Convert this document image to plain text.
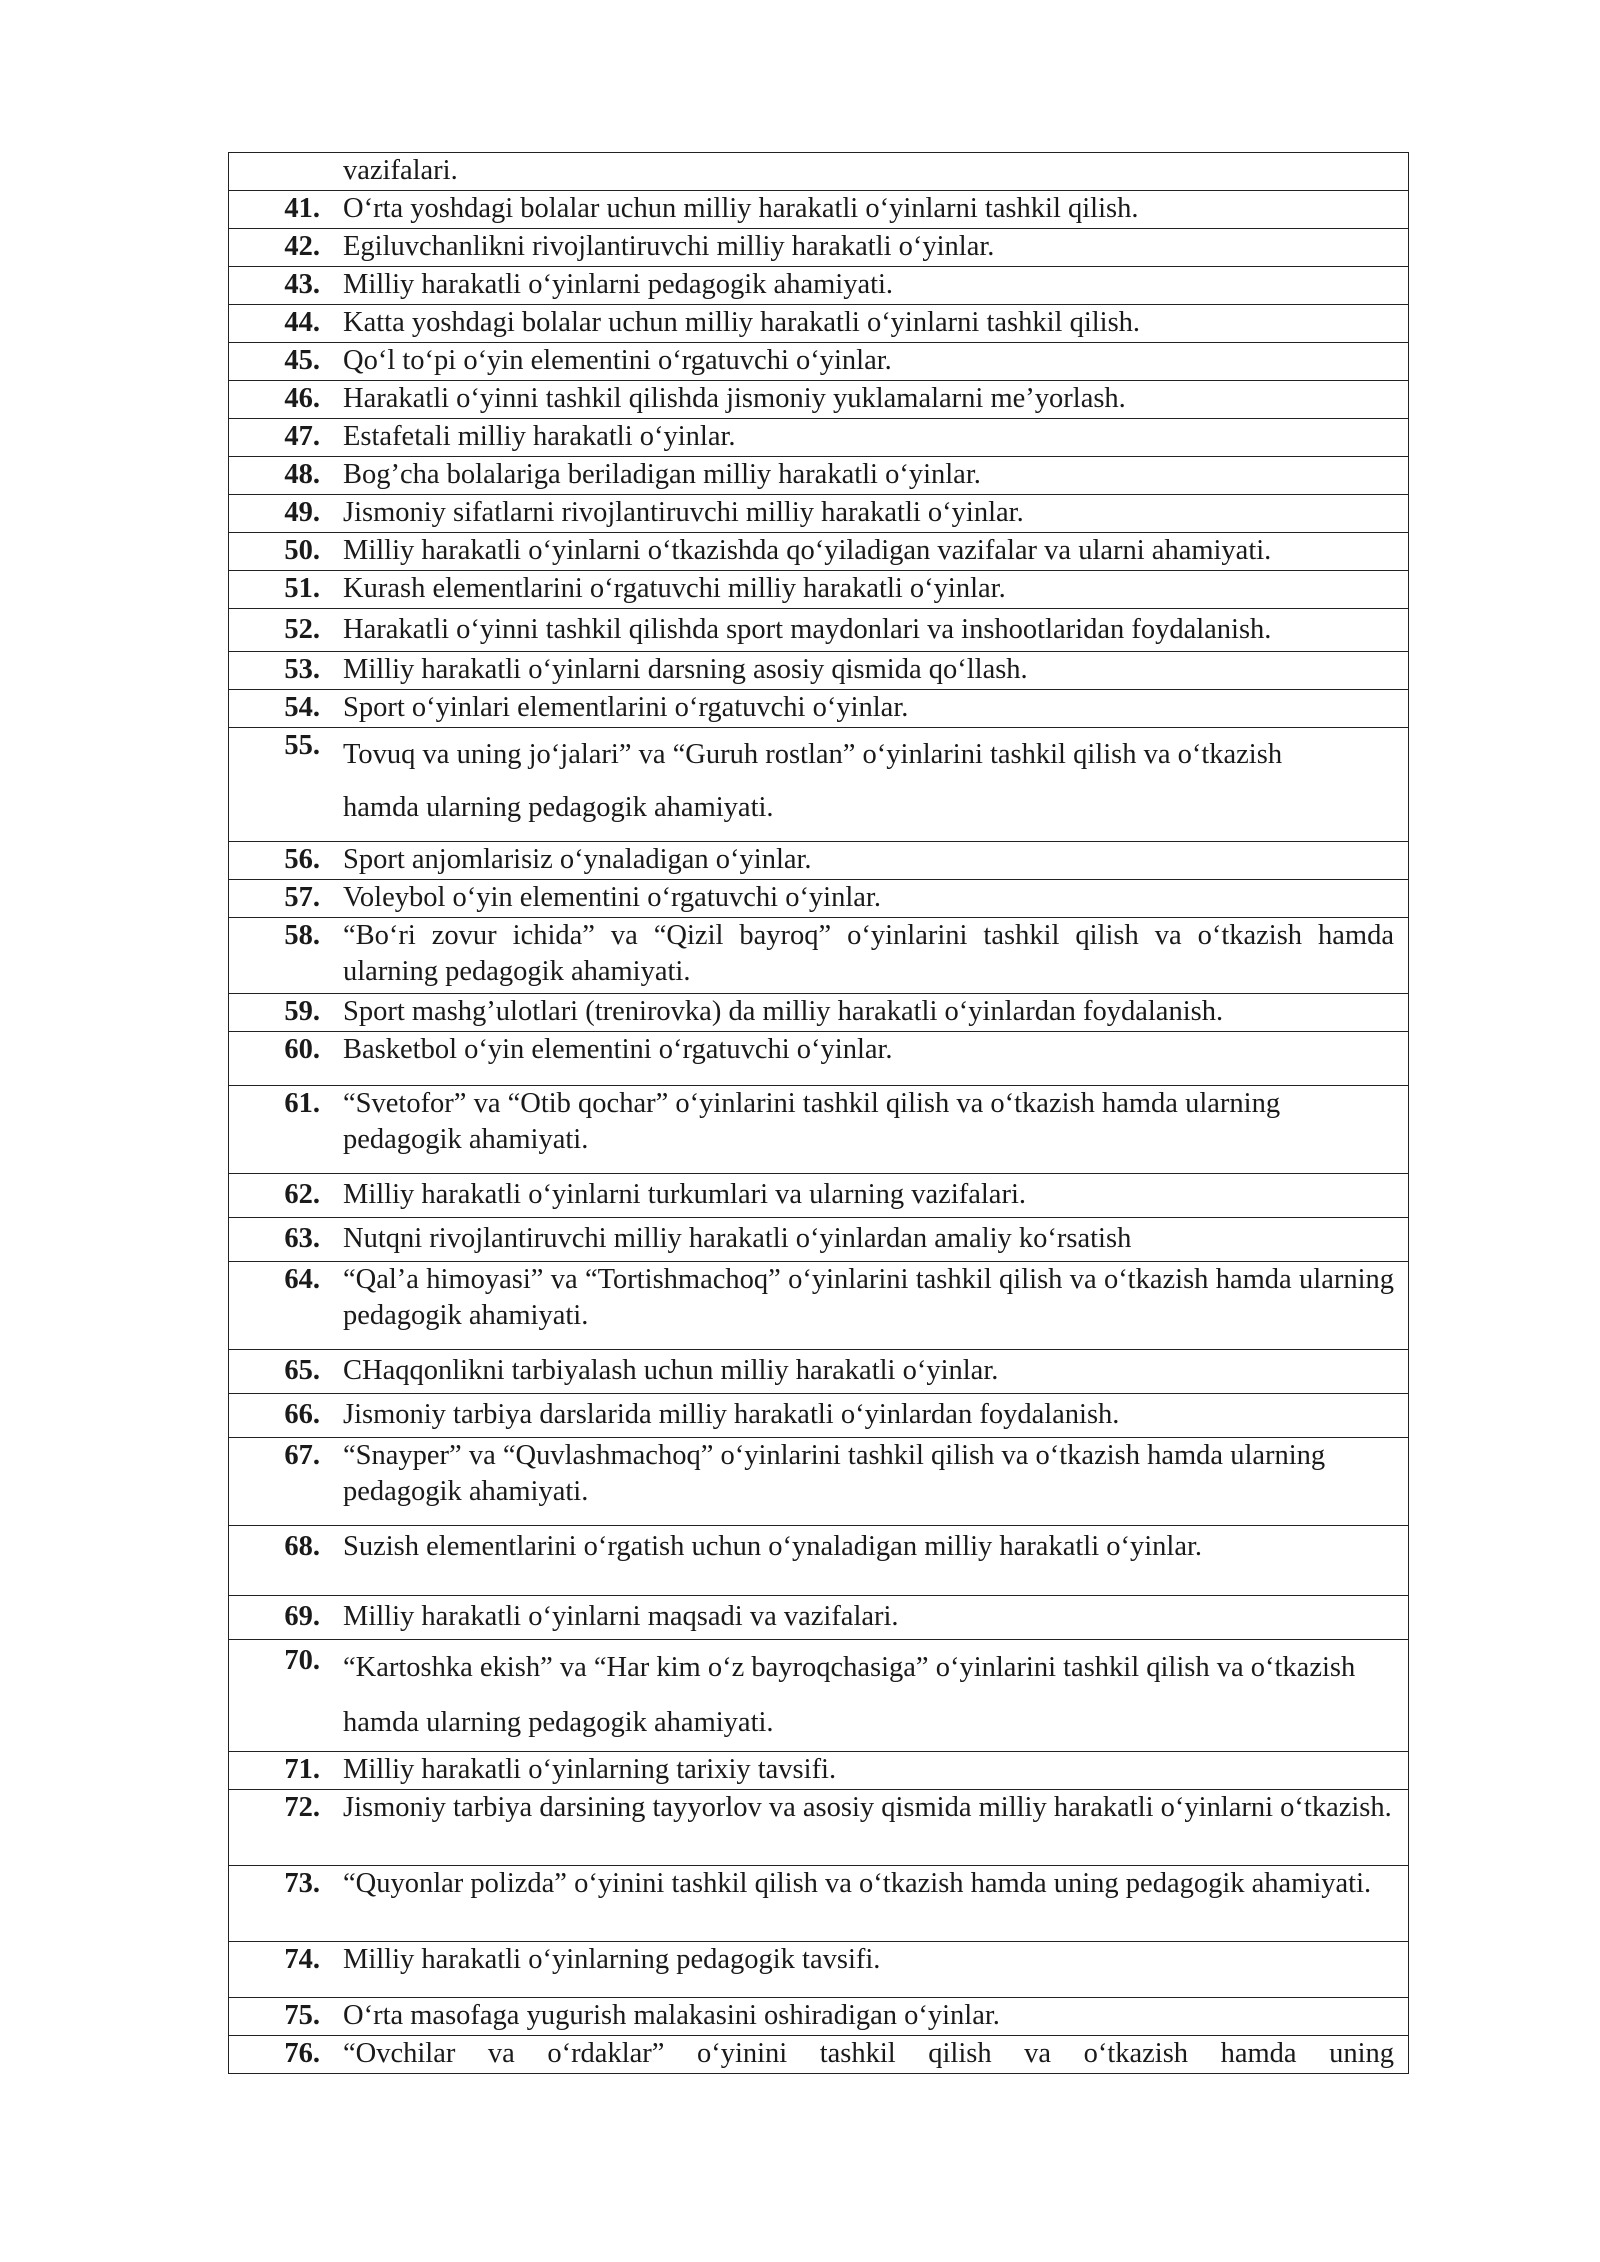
	vazifalari.
41.	O‘rta yoshdagi bolalar uchun milliy harakatli o‘yinlarni tashkil qilish.
42.	Egiluvchanlikni rivojlantiruvchi milliy harakatli o‘yinlar.
43.	Milliy harakatli o‘yinlarni pedagogik ahamiyati.
44.	Katta yoshdagi bolalar uchun milliy harakatli o‘yinlarni tashkil qilish.
45.	Qo‘l to‘pi o‘yin elementini o‘rgatuvchi o‘yinlar.
46.	Harakatli o‘yinni tashkil qilishda jismoniy yuklamalarni me’yorlash.
47.	Estafetali milliy harakatli o‘yinlar.
48.	Bog’cha bolalariga beriladigan milliy harakatli o‘yinlar.
49.	Jismoniy sifatlarni rivojlantiruvchi milliy harakatli o‘yinlar.
50.	Milliy harakatli o‘yinlarni o‘tkazishda qo‘yiladigan vazifalar va ularni ahamiyati.
51.	Kurash elementlarini o‘rgatuvchi milliy harakatli o‘yinlar.
52.	Harakatli o‘yinni tashkil qilishda sport maydonlari va inshootlaridan foydalanish.
53.	Milliy harakatli o‘yinlarni darsning asosiy qismida qo‘llash.
54.	Sport o‘yinlari elementlarini o‘rgatuvchi o‘yinlar.
55.	Tovuq va uning jo‘jalari” va “Guruh rostlan” o‘yinlarini tashkil qilish va o‘tkazish hamda ularning pedagogik ahamiyati.
56.	Sport anjomlarisiz o‘ynaladigan o‘yinlar.
57.	Voleybol o‘yin elementini o‘rgatuvchi o‘yinlar.
58.	“Bo‘ri zovur ichida” va “Qizil bayroq” o‘yinlarini tashkil qilish va o‘tkazish hamda ularning pedagogik ahamiyati.
59.	Sport mashg’ulotlari (trenirovka) da milliy harakatli o‘yinlardan foydalanish.
60.	Basketbol o‘yin elementini o‘rgatuvchi o‘yinlar.
61.	“Svetofor” va “Otib qochar” o‘yinlarini tashkil qilish va o‘tkazish hamda ularning pedagogik ahamiyati.
62.	Milliy harakatli o‘yinlarni turkumlari va ularning vazifalari.
63.	Nutqni rivojlantiruvchi milliy harakatli o‘yinlardan amaliy ko‘rsatish
64.	“Qal’a himoyasi” va “Tortishmachoq” o‘yinlarini tashkil qilish va o‘tkazish hamda ularning pedagogik ahamiyati.
65.	CHaqqonlikni tarbiyalash uchun milliy harakatli o‘yinlar.
66.	Jismoniy tarbiya darslarida milliy harakatli o‘yinlardan foydalanish.
67.	“Snayper” va “Quvlashmachoq” o‘yinlarini tashkil qilish va o‘tkazish hamda ularning pedagogik ahamiyati.
68.	Suzish elementlarini o‘rgatish uchun o‘ynaladigan milliy harakatli o‘yinlar.
69.	Milliy harakatli o‘yinlarni maqsadi va vazifalari.
70.	“Kartoshka ekish” va “Har kim o‘z bayroqchasiga” o‘yinlarini tashkil qilish va o‘tkazish hamda ularning pedagogik ahamiyati.
71.	Milliy harakatli o‘yinlarning tarixiy tavsifi.
72.	Jismoniy tarbiya darsining tayyorlov va asosiy qismida milliy harakatli o‘yinlarni o‘tkazish.
73.	“Quyonlar polizda” o‘yinini tashkil qilish va o‘tkazish hamda uning pedagogik ahamiyati.
74.	Milliy harakatli o‘yinlarning pedagogik tavsifi.
75.	O‘rta masofaga yugurish malakasini oshiradigan o‘yinlar.
76.	“Ovchilar va o‘rdaklar” o‘yinini tashkil qilish va o‘tkazish hamda uning
